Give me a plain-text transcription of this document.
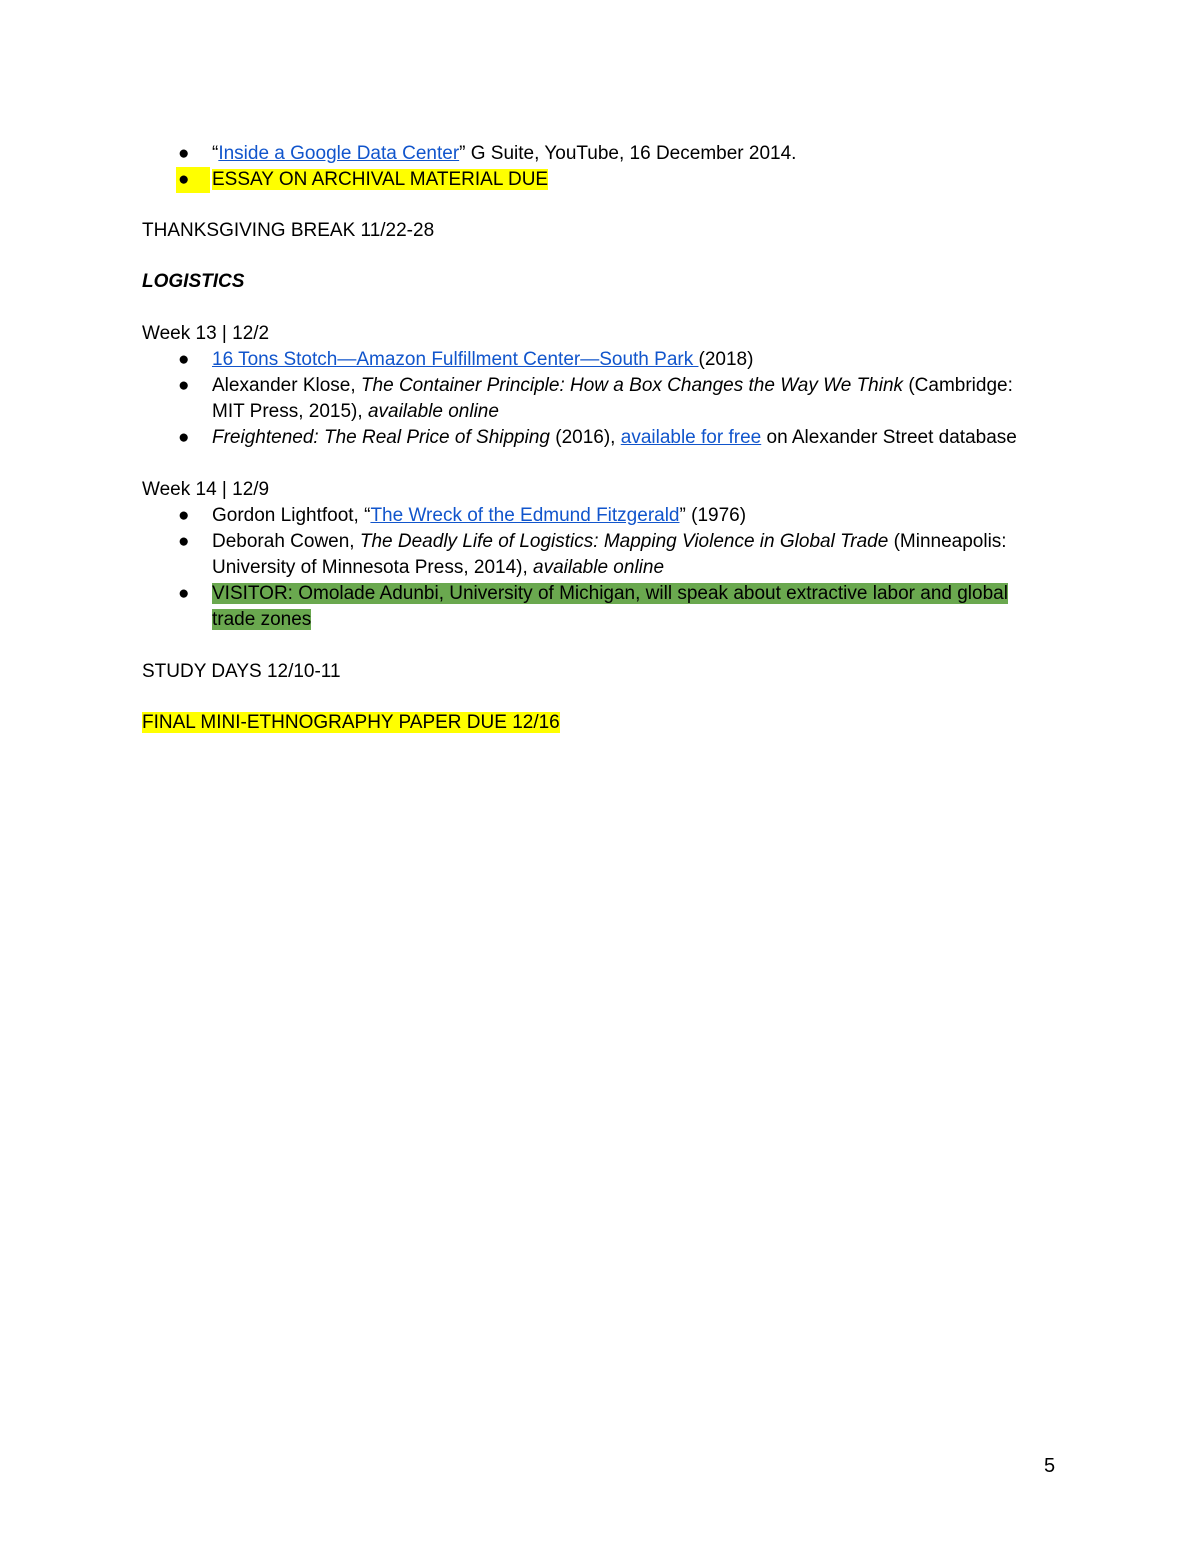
● “Inside a Google Data Center” G Suite, YouTube, 16 December 2014.
● ESSAY ON ARCHIVAL MATERIAL DUE
THANKSGIVING BREAK 11/22-28
LOGISTICS
Week 13 | 12/2
● 16 Tons Stotch—Amazon Fulfillment Center—South Park (2018)
● Alexander Klose, The Container Principle: How a Box Changes the Way We Think (Cambridge:
MIT Press, 2015), available online
● Freightened: The Real Price of Shipping (2016), available for free on Alexander Street database
Week 14 | 12/9
● Gordon Lightfoot, “The Wreck of the Edmund Fitzgerald” (1976)
● Deborah Cowen, The Deadly Life of Logistics: Mapping Violence in Global Trade (Minneapolis:
University of Minnesota Press, 2014), available online
● VISITOR: Omolade Adunbi, University of Michigan, will speak about extractive labor and global
trade zones
STUDY DAYS 12/10-11
FINAL MINI-ETHNOGRAPHY PAPER DUE 12/16
5
